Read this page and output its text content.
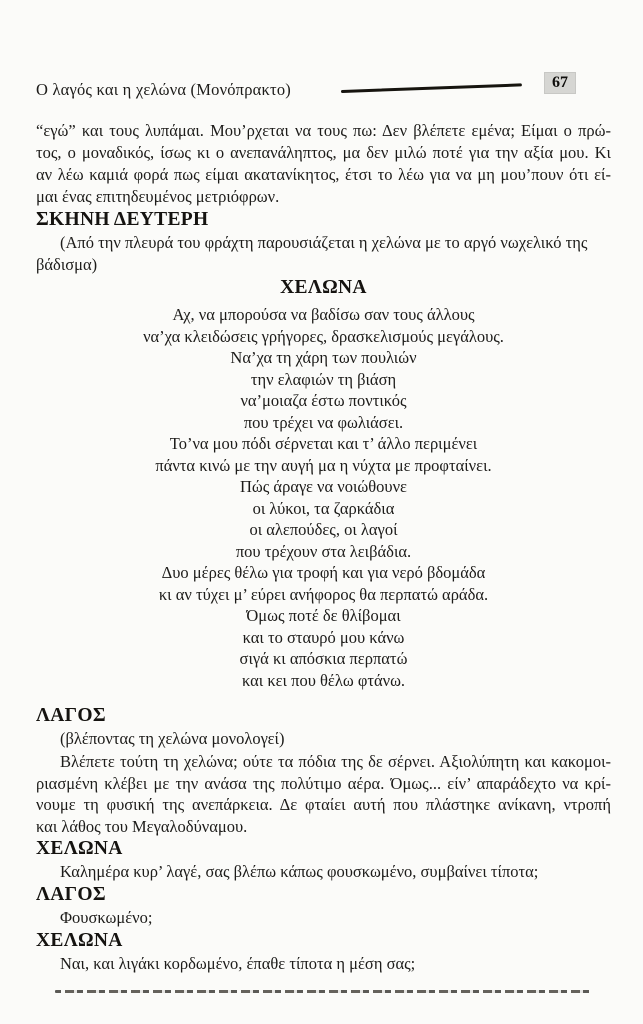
Ο λαγός και η χελώνα (Μονόπρακτο)	67
“εγώ” και τους λυπάμαι. Μου’ρχεται να τους πω: Δεν βλέπετε εμένα; Είμαι ο πρώ-
τος, ο μοναδικός, ίσως κι ο ανεπανάληπτος, μα δεν μιλώ ποτέ για την αξία μου. Κι
αν λέω καμιά φορά πως είμαι ακατανίκητος, έτσι το λέω για να μη μου’πουν ότι εί-
μαι ένας επιτηδευμένος μετριόφρων.
ΣΚΗΝΗ ΔΕΥΤΕΡΗ
(Από την πλευρά του φράχτη παρουσιάζεται η χελώνα με το αργό νωχελικό της
βάδισμα)
ΧΕΛΩΝΑ
Αχ, να μπορούσα να βαδίσω σαν τους άλλους
να’χα κλειδώσεις γρήγορες, δρασκελισμούς μεγάλους.
Να’χα τη χάρη των πουλιών
την ελαφιών τη βιάση
να’μοιαζα έστω ποντικός
που τρέχει να φωλιάσει.
Το’να μου πόδι σέρνεται και τ’ άλλο περιμένει
πάντα κινώ με την αυγή μα η νύχτα με προφταίνει.
Πώς άραγε να νοιώθουνε
οι λύκοι, τα ζαρκάδια
οι αλεπούδες, οι λαγοί
που τρέχουν στα λειβάδια.
Δυο μέρες θέλω για τροφή και για νερό βδομάδα
κι αν τύχει μ’ εύρει ανήφορος θα περπατώ αράδα.
Όμως ποτέ δε θλίβομαι
και το σταυρό μου κάνω
σιγά κι απόσκια περπατώ
και κει που θέλω φτάνω.
ΛΑΓΟΣ
(βλέποντας τη χελώνα μονολογεί)
Βλέπετε τούτη τη χελώνα; ούτε τα πόδια της δε σέρνει. Αξιολύπητη και κακομοι-
ριασμένη κλέβει με την ανάσα της πολύτιμο αέρα. Όμως... είν’ απαράδεχτο να κρί-
νουμε τη φυσική της ανεπάρκεια. Δε φταίει αυτή που πλάστηκε ανίκανη, ντροπή
και λάθος του Μεγαλοδύναμου.
ΧΕΛΩΝΑ
Καλημέρα κυρ’ λαγέ, σας βλέπω κάπως φουσκωμένο, συμβαίνει τίποτα;
ΛΑΓΟΣ
Φουσκωμένο;
ΧΕΛΩΝΑ
Ναι, και λιγάκι κορδωμένο, έπαθε τίποτα η μέση σας;
